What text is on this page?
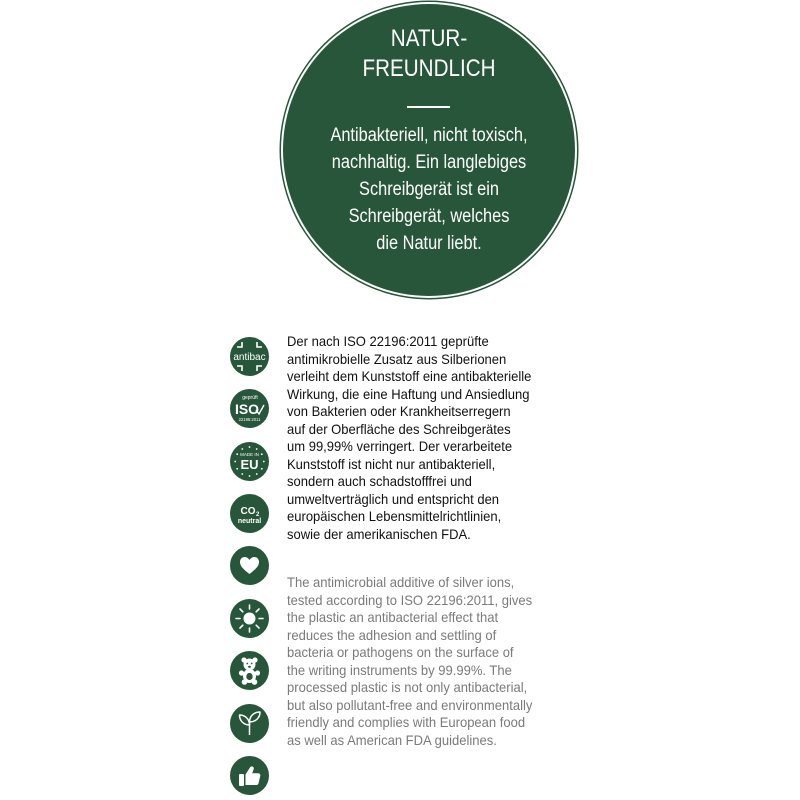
NATUR-
FREUNDLICH
Antibakteriell, nicht toxisch,
nachhaltig. Ein langlebiges
Schreibgerät ist ein
Schreibgerät, welches
die Natur liebt.
antibac
geprüft
ISO
22196:2011
MADE IN
EU
CO 2
neutral

Der nach ISO 22196:2011 geprüfte
antimikrobielle Zusatz aus Silberionen
verleiht dem Kunststoff eine antibakterielle
Wirkung, die eine Haftung und Ansiedlung
von Bakterien oder Krankheitserregern
auf der Oberfläche des Schreibgerätes
um 99,99% verringert. Der verarbeitete
Kunststoff ist nicht nur antibakteriell,
sondern auch schadstofffrei und
umweltverträglich und entspricht den
europäischen Lebensmittelrichtlinien,
sowie der amerikanischen FDA.

The antimicrobial additive of silver ions,
tested according to ISO 22196:2011, gives
the plastic an antibacterial effect that
reduces the adhesion and settling of
bacteria or pathogens on the surface of
the writing instruments by 99.99%. The
processed plastic is not only antibacterial,
but also pollutant-free and environmentally
friendly and complies with European food
as well as American FDA guidelines.
